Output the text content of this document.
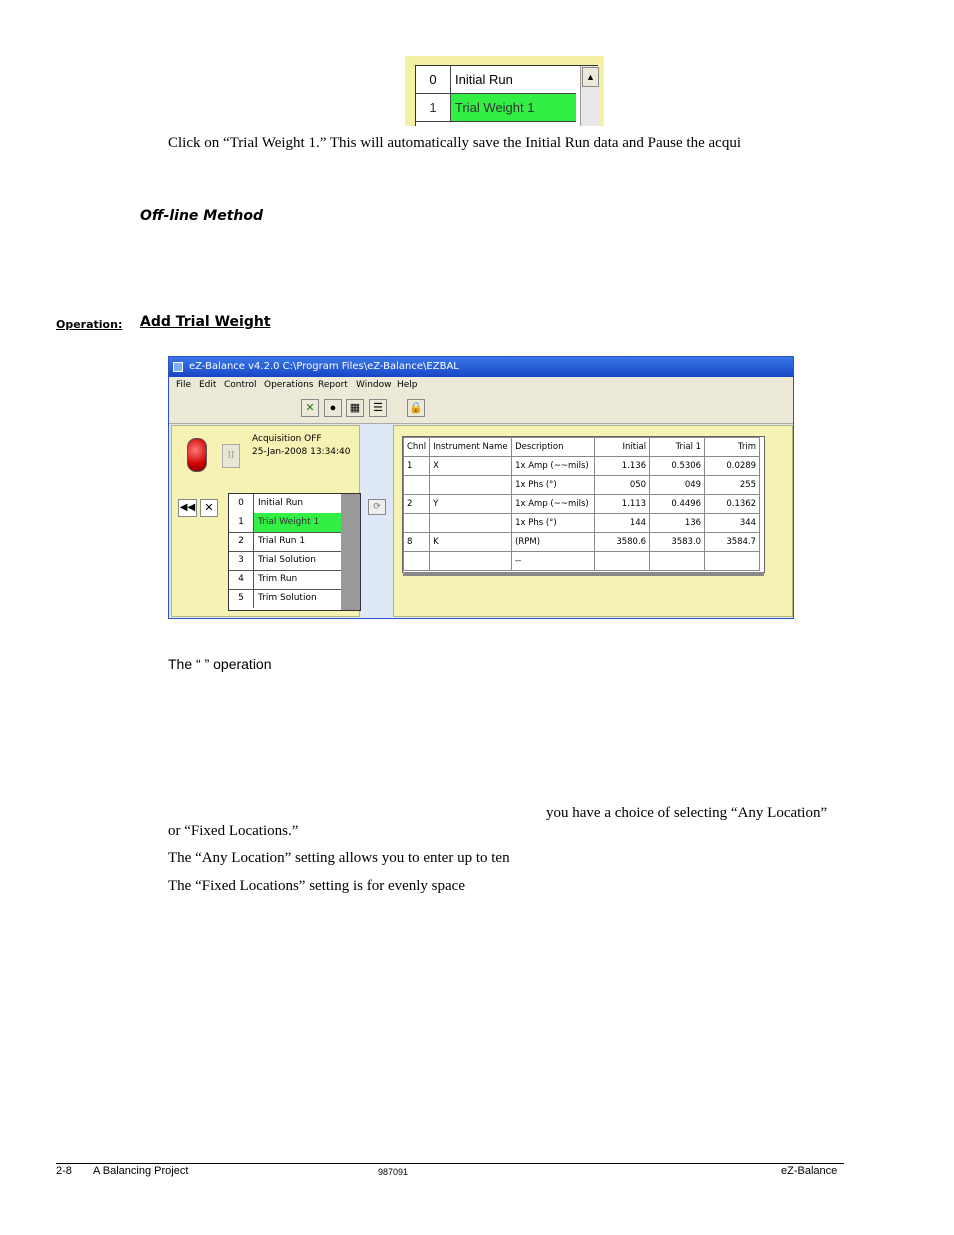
0	Initial Run
1	Trial Weight 1
▲
Click on “Trial Weight 1.” This will automatically save the Initial Run data and Pause the acqui
Off-line Method
Operation: Add Trial Weight
eZ-Balance v4.2.0 C:\Program Files\eZ-Balance\EZBAL
File Edit Control Operations Report Window Help
✕	●	▦	☰	🔒
II
Acquisition OFF
25-Jan-2008 13:34:40
◀◀ ✕	0	Initial Run
1	Trial Weight 1
2	Trial Run 1
3	Trial Solution
4	Trim Run
5	Trim Solution
⟳
Chnl	Instrument Name	Description	Initial	Trial 1	Trim
1	X	1x Amp (~~mils)	1.136	0.5306	0.0289
		1x Phs (°)	050	049	255
2	Y	1x Amp (~~mils)	1.113	0.4496	0.1362
		1x Phs (°)	144	136	344
8	K	(RPM)	3580.6	3583.0	3584.7
		--			
The “ ” operation
you have a choice of selecting “Any Location”
or “Fixed Locations.”
The “Any Location” setting allows you to enter up to ten
The “Fixed Locations” setting is for evenly space
2-8 A Balancing Project	987091	eZ-Balance
